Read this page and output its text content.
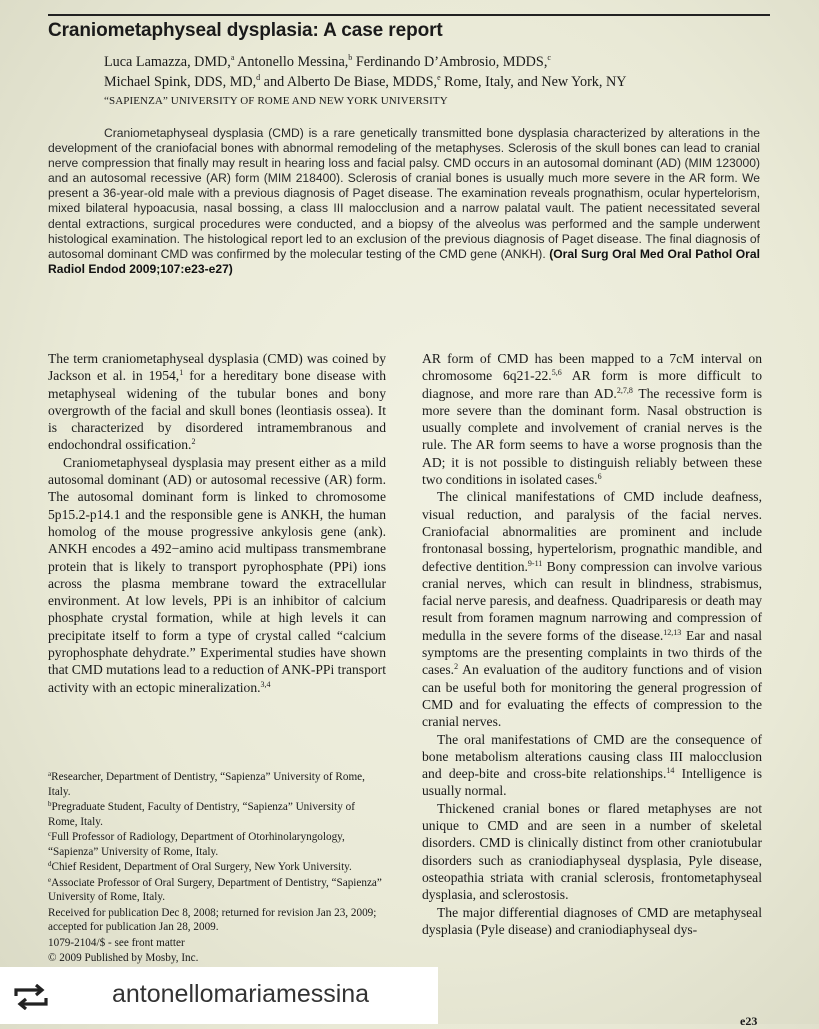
Craniometaphyseal dysplasia: A case report
Luca Lamazza, DMD,$^a$ Antonello Messina,$^b$ Ferdinando D’Ambrosio, MDDS,$^c$
Michael Spink, DDS, MD,$^d$ and Alberto De Biase, MDDS,$^e$ Rome, Italy, and New York, NY
“SAPIENZA” UNIVERSITY OF ROME AND NEW YORK UNIVERSITY

Craniometaphyseal dysplasia (CMD) is a rare genetically transmitted bone dysplasia characterized by alterations in the development of the craniofacial bones with abnormal remodeling of the metaphyses. Sclerosis of the skull bones can lead to cranial nerve compression that finally may result in hearing loss and facial palsy. CMD occurs in an autosomal dominant (AD) (MIM 123000) and an autosomal recessive (AR) form (MIM 218400). Sclerosis of cranial bones is usually much more severe in the AR form. We present a 36-year-old male with a previous diagnosis of Paget disease. The examination reveals prognathism, ocular hypertelorism, mixed bilateral hypoacusia, nasal bossing, a class III malocclusion and a narrow palatal vault. The patient necessitated several dental extractions, surgical procedures were conducted, and a biopsy of the alveolus was performed and the sample underwent histological examination. The histological report led to an exclusion of the previous diagnosis of Paget disease. The final diagnosis of autosomal dominant CMD was confirmed by the molecular testing of the CMD gene (ANKH). (Oral Surg Oral Med Oral Pathol Oral Radiol Endod 2009;107:e23-e27)

The term craniometaphyseal dysplasia (CMD) was coined by Jackson et al. in 1954,$^1$ for a hereditary bone disease with metaphyseal widening of the tubular bones and bony overgrowth of the facial and skull bones (leontiasis ossea). It is characterized by disordered intramembranous and endochondral ossification.$^2$

Craniometaphyseal dysplasia may present either as a mild autosomal dominant (AD) or autosomal recessive (AR) form. The autosomal dominant form is linked to chromosome 5p15.2-p14.1 and the responsible gene is ANKH, the human homolog of the mouse progressive ankylosis gene (ank). ANKH encodes a 492−amino acid multipass transmembrane protein that is likely to transport pyrophosphate (PPi) ions across the plasma membrane toward the extracellular environment. At low levels, PPi is an inhibitor of calcium phosphate crystal formation, while at high levels it can precipitate itself to form a type of crystal called “calcium pyrophosphate dehydrate.” Experimental studies have shown that CMD mutations lead to a reduction of ANK-PPi transport activity with an ectopic mineralization.$^{3,4}$

$^a$Researcher, Department of Dentistry, “Sapienza” University of Rome, Italy.
$^b$Pregraduate Student, Faculty of Dentistry, “Sapienza” University of Rome, Italy.
$^c$Full Professor of Radiology, Department of Otorhinolaryngology, “Sapienza” University of Rome, Italy.
$^d$Chief Resident, Department of Oral Surgery, New York University.
$^e$Associate Professor of Oral Surgery, Department of Dentistry, “Sapienza” University of Rome, Italy.
Received for publication Dec 8, 2008; returned for revision Jan 23, 2009; accepted for publication Jan 28, 2009.
1079-2104/$ - see front matter
© 2009 Published by Mosby, Inc.

AR form of CMD has been mapped to a 7cM interval on chromosome 6q21-22.$^{5,6}$ AR form is more difficult to diagnose, and more rare than AD.$^{2,7,8}$ The recessive form is more severe than the dominant form. Nasal obstruction is usually complete and involvement of cranial nerves is the rule. The AR form seems to have a worse prognosis than the AD; it is not possible to distinguish reliably between these two conditions in isolated cases.$^6$

The clinical manifestations of CMD include deafness, visual reduction, and paralysis of the facial nerves. Craniofacial abnormalities are prominent and include frontonasal bossing, hypertelorism, prognathic mandible, and defective dentition.$^{9-11}$ Bony compression can involve various cranial nerves, which can result in blindness, strabismus, facial nerve paresis, and deafness. Quadriparesis or death may result from foramen magnum narrowing and compression of medulla in the severe forms of the disease.$^{12,13}$ Ear and nasal symptoms are the presenting complaints in two thirds of the cases.$^2$ An evaluation of the auditory functions and of vision can be useful both for monitoring the general progression of CMD and for evaluating the effects of compression to the cranial nerves.

The oral manifestations of CMD are the consequence of bone metabolism alterations causing class III malocclusion and deep-bite and cross-bite relationships.$^{14}$ Intelligence is usually normal.

Thickened cranial bones or flared metaphyses are not unique to CMD and are seen in a number of skeletal disorders. CMD is clinically distinct from other craniotubular disorders such as craniodiaphyseal dysplasia, Pyle disease, osteopathia striata with cranial sclerosis, frontometaphyseal dysplasia, and sclerostosis.

The major differential diagnoses of CMD are metaphyseal dysplasia (Pyle disease) and craniodiaphyseal dys-

e23
antonellomariamessina
